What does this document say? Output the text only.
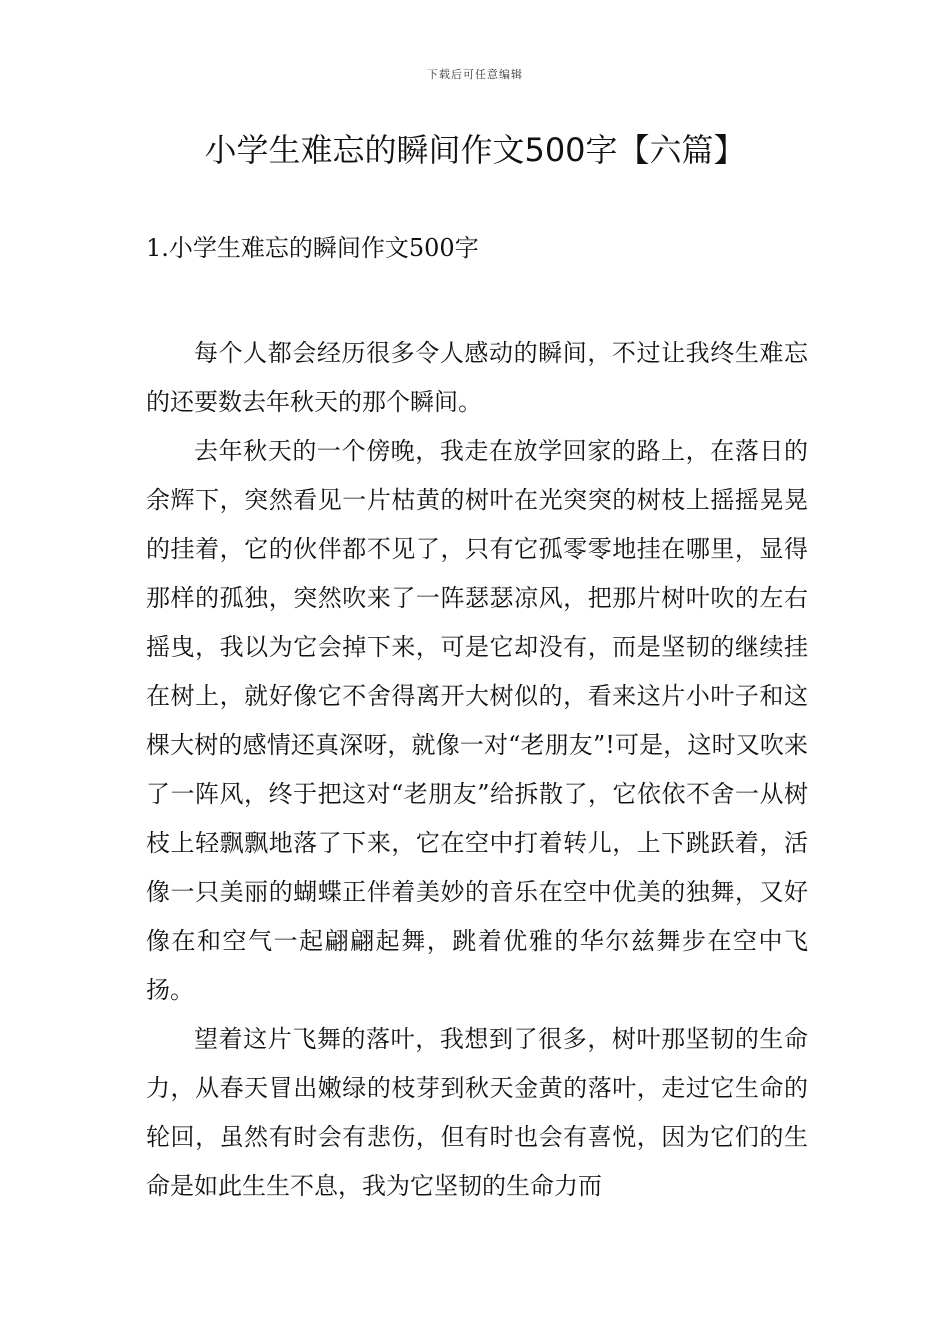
下载后可任意编辑
小学生难忘的瞬间作文500字【六篇】
1.小学生难忘的瞬间作文500字

每个人都会经历很多令人感动的瞬间，不过让我终生难忘的还要数去年秋天的那个瞬间。

去年秋天的一个傍晚，我走在放学回家的路上，在落日的余辉下，突然看见一片枯黄的树叶在光突突的树枝上摇摇晃晃的挂着，它的伙伴都不见了，只有它孤零零地挂在哪里，显得那样的孤独，突然吹来了一阵瑟瑟凉风，把那片树叶吹的左右摇曳，我以为它会掉下来，可是它却没有，而是坚韧的继续挂在树上，就好像它不舍得离开大树似的，看来这片小叶子和这棵大树的感情还真深呀，就像一对“老朋友”!可是，这时又吹来了一阵风，终于把这对“老朋友”给拆散了，它依依不舍一从树枝上轻飘飘地落了下来，它在空中打着转儿，上下跳跃着，活像一只美丽的蝴蝶正伴着美妙的音乐在空中优美的独舞，又好像在和空气一起翩翩起舞，跳着优雅的华尔兹舞步在空中飞扬。

望着这片飞舞的落叶，我想到了很多，树叶那坚韧的生命力，从春天冒出嫩绿的枝芽到秋天金黄的落叶，走过它生命的轮回，虽然有时会有悲伤，但有时也会有喜悦，因为它们的生命是如此生生不息，我为它坚韧的生命力而
